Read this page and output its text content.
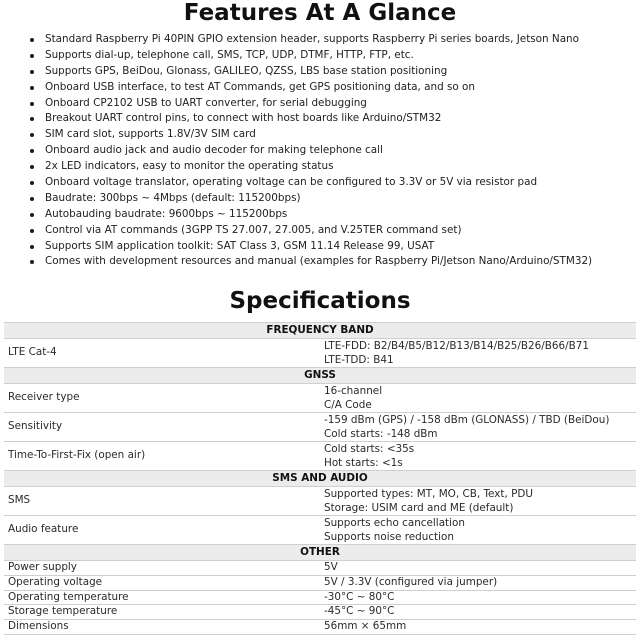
Features At A Glance
Standard Raspberry Pi 40PIN GPIO extension header, supports Raspberry Pi series boards, Jetson Nano
Supports dial-up, telephone call, SMS, TCP, UDP, DTMF, HTTP, FTP, etc.
Supports GPS, BeiDou, Glonass, GALILEO, QZSS, LBS base station positioning
Onboard USB interface, to test AT Commands, get GPS positioning data, and so on
Onboard CP2102 USB to UART converter, for serial debugging
Breakout UART control pins, to connect with host boards like Arduino/STM32
SIM card slot, supports 1.8V/3V SIM card
Onboard audio jack and audio decoder for making telephone call
2x LED indicators, easy to monitor the operating status
Onboard voltage translator, operating voltage can be configured to 3.3V or 5V via resistor pad
Baudrate: 300bps ~ 4Mbps (default: 115200bps)
Autobauding baudrate: 9600bps ~ 115200bps
Control via AT commands (3GPP TS 27.007, 27.005, and V.25TER command set)
Supports SIM application toolkit: SAT Class 3, GSM 11.14 Release 99, USAT
Comes with development resources and manual (examples for Raspberry Pi/Jetson Nano/Arduino/STM32)
Specifications
FREQUENCY BAND	
LTE Cat-4	LTE-FDD: B2/B4/B5/B12/B13/B14/B25/B26/B66/B71
LTE-TDD: B41

GNSS	
Receiver type	16-channel
C/A Code

Sensitivity	-159 dBm (GPS) / -158 dBm (GLONASS) / TBD (BeiDou)
Cold starts: -148 dBm

Time-To-First-Fix (open air)	Cold starts: <35s
Hot starts: <1s

SMS AND AUDIO	
SMS	Supported types: MT, MO, CB, Text, PDU
Storage: USIM card and ME (default)

Audio feature	Supports echo cancellation
Supports noise reduction

OTHER	
Power supply	5V
Operating voltage	5V / 3.3V (configured via jumper)
Operating temperature	-30°C ~ 80°C
Storage temperature	-45°C ~ 90°C
Dimensions	56mm × 65mm
